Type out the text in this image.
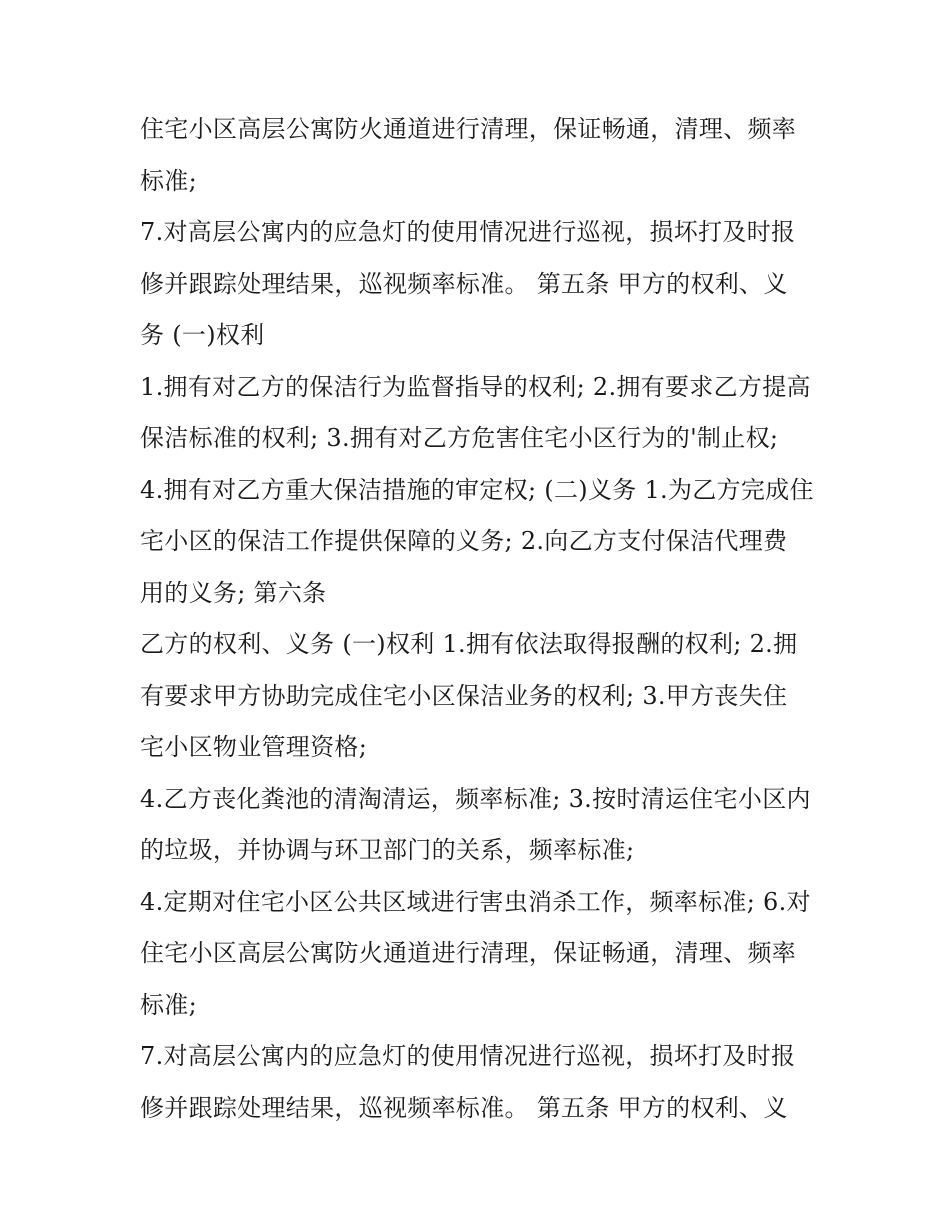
住宅小区高层公寓防火通道进行清理，保证畅通，清理、频率
标准;
7.对高层公寓内的应急灯的使用情况进行巡视，损坏打及时报
修并跟踪处理结果，巡视频率标准。 第五条 甲方的权利、义
务 (一)权利
1.拥有对乙方的保洁行为监督指导的权利; 2.拥有要求乙方提高
保洁标准的权利; 3.拥有对乙方危害住宅小区行为的'制止权;
4.拥有对乙方重大保洁措施的审定权; (二)义务 1.为乙方完成住
宅小区的保洁工作提供保障的义务; 2.向乙方支付保洁代理费
用的义务; 第六条
乙方的权利、义务 (一)权利 1.拥有依法取得报酬的权利; 2.拥
有要求甲方协助完成住宅小区保洁业务的权利; 3.甲方丧失住
宅小区物业管理资格;
4.乙方丧化粪池的清淘清运，频率标准; 3.按时清运住宅小区内
的垃圾，并协调与环卫部门的关系，频率标准;
4.定期对住宅小区公共区域进行害虫消杀工作，频率标准; 6.对
住宅小区高层公寓防火通道进行清理，保证畅通，清理、频率
标准;
7.对高层公寓内的应急灯的使用情况进行巡视，损坏打及时报
修并跟踪处理结果，巡视频率标准。 第五条 甲方的权利、义
